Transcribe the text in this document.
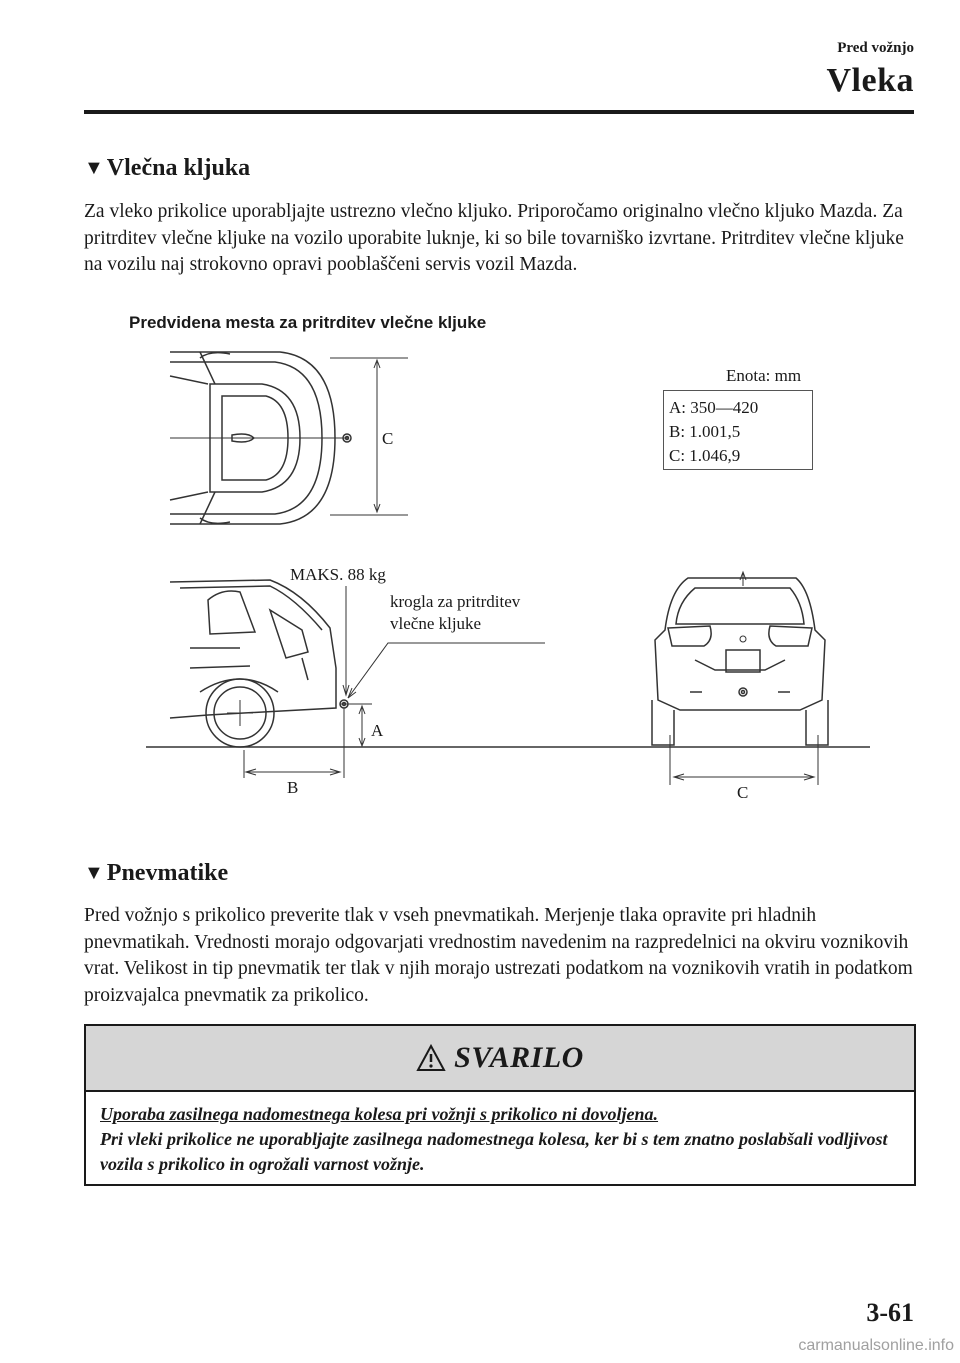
Pred vožnjo
Vleka
▼ Vlečna kljuka
Za vleko prikolice uporabljajte ustrezno vlečno kljuko. Priporočamo originalno vlečno kljuko Mazda. Za pritrditev vlečne kljuke na vozilo uporabite luknje, ki so bile tovarniško izvrtane. Pritrditev vlečne kljuke na vozilu naj strokovno opravi pooblaščeni servis vozil Mazda.
Predvidena mesta za pritrditev vlečne kljuke
C
MAKS. 88 kg
krogla za pritrditev
vlečne kljuke
A
B	C
Enota: mm
A: 350—420
B: 1.001,5
C: 1.046,9
▼ Pnevmatike
Pred vožnjo s prikolico preverite tlak v vseh pnevmatikah. Merjenje tlaka opravite pri hladnih pnevmatikah. Vrednosti morajo odgovarjati vrednostim navedenim na razpredelnici na okviru voznikovih vrat. Velikost in tip pnevmatik ter tlak v njih morajo ustrezati podatkom na voznikovih vratih in podatkom proizvajalca pnevmatik za prikolico.
SVARILO
Uporaba zasilnega nadomestnega kolesa pri vožnji s prikolico ni dovoljena.
Pri vleki prikolice ne uporabljajte zasilnega nadomestnega kolesa, ker bi s tem znatno poslabšali vodljivost vozila s prikolico in ogrožali varnost vožnje.
3-61
carmanualsonline.info
